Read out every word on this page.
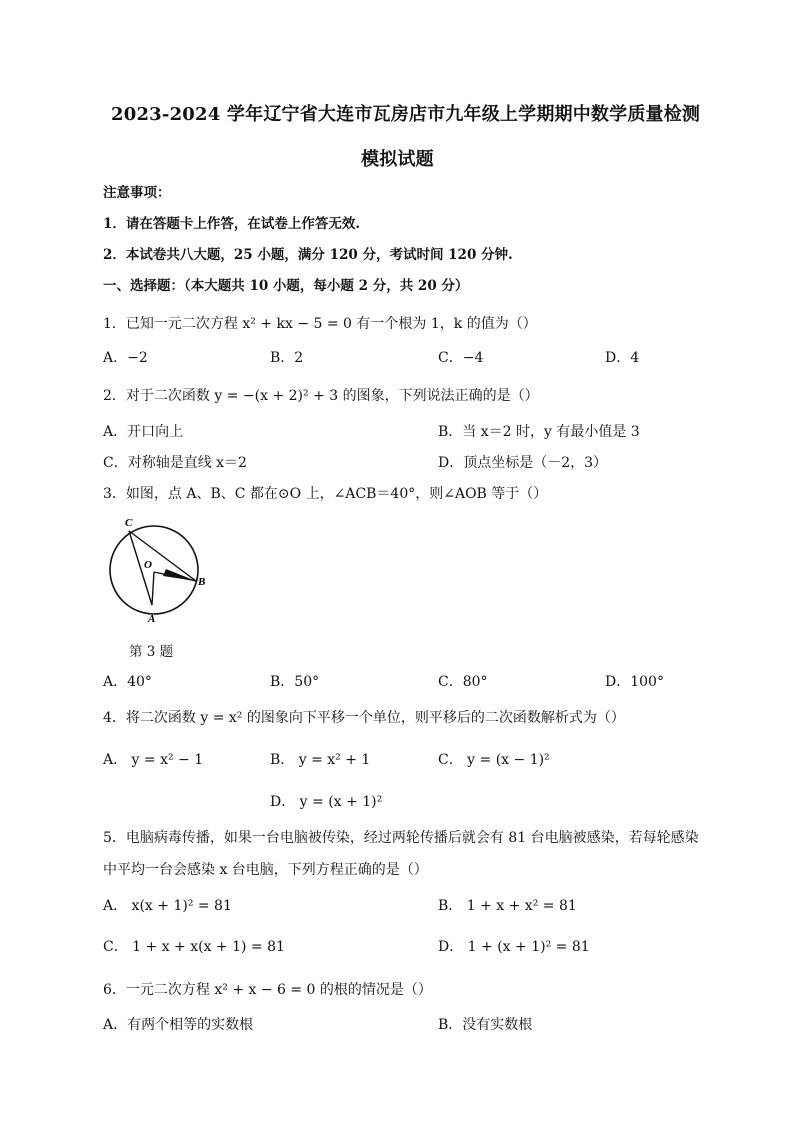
2023-2024 学年辽宁省大连市瓦房店市九年级上学期期中数学质量检测
模拟试题
注意事项：
1．请在答题卡上作答，在试卷上作答无效.
2．本试卷共八大题，25 小题，满分 120 分，考试时间 120 分钟.
一、选择题：（本大题共 10 小题，每小题 2 分，共 20 分）
1．已知一元二次方程 x² + kx − 5 = 0 有一个根为 1，k 的值为（）
A．−2	B．2	C．−4	D．4
2．对于二次函数 y = −(x + 2)² + 3 的图象，下列说法正确的是（）
A．开口向上	B．当 x＝2 时，y 有最小值是 3
C．对称轴是直线 x＝2	D．顶点坐标是（－2，3）
3．如图，点 A、B、C 都在⊙O 上，∠ACB＝40°，则∠AOB 等于（）
C
O
B
A
第 3 题
A．40°	B．50°	C．80°	D．100°
4．将二次函数 y = x² 的图象向下平移一个单位，则平移后的二次函数解析式为（）
A． y = x² − 1	B． y = x² + 1	C． y = (x − 1)²
D． y = (x + 1)²
5．电脑病毒传播，如果一台电脑被传染，经过两轮传播后就会有 81 台电脑被感染，若每轮感染
中平均一台会感染 x 台电脑，下列方程正确的是（）
A． x(x + 1)² = 81	B． 1 + x + x² = 81
C． 1 + x + x(x + 1) = 81	D． 1 + (x + 1)² = 81
6．一元二次方程 x² + x − 6 = 0 的根的情况是（）
A．有两个相等的实数根	B．没有实数根
